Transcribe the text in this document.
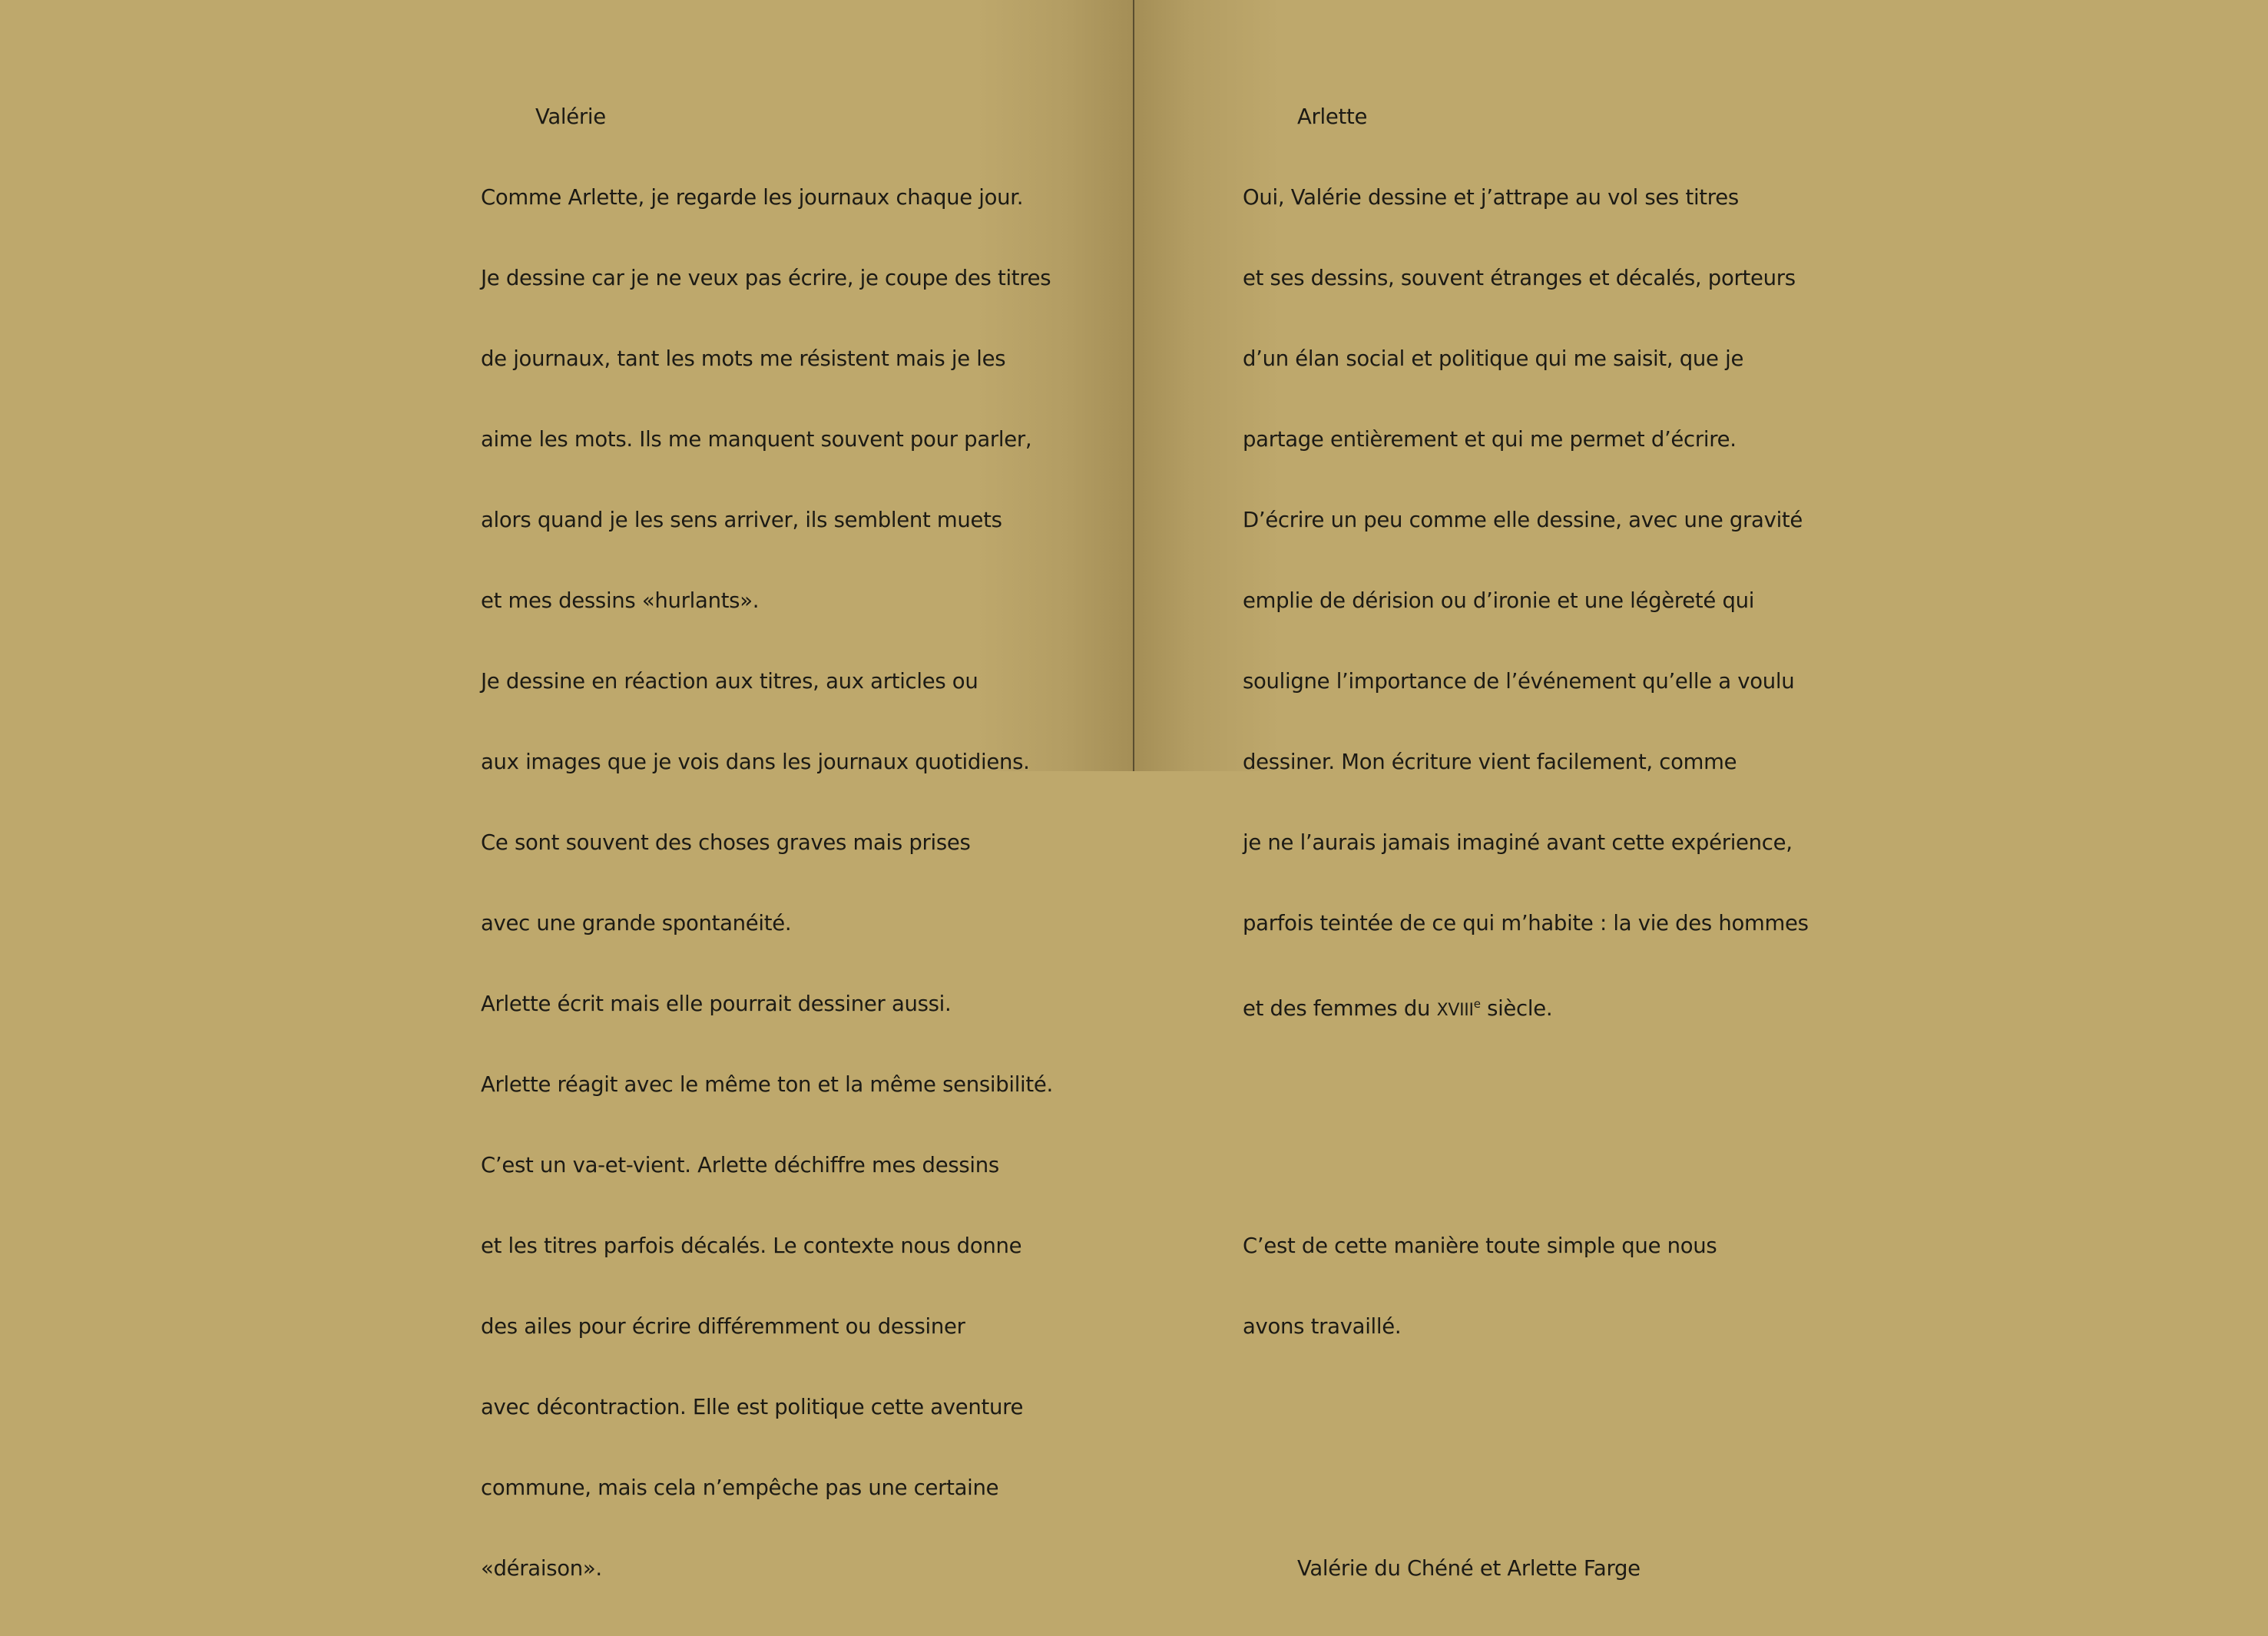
Valérie

Comme Arlette, je regarde les journaux chaque jour.

Je dessine car je ne veux pas écrire, je coupe des titres

de journaux, tant les mots me résistent mais je les

aime les mots. Ils me manquent souvent pour parler,

alors quand je les sens arriver, ils semblent muets

et mes dessins «hurlants».

Je dessine en réaction aux titres, aux articles ou

aux images que je vois dans les journaux quotidiens.

Ce sont souvent des choses graves mais prises

avec une grande spontanéité.

Arlette écrit mais elle pourrait dessiner aussi.

Arlette réagit avec le même ton et la même sensibilité.

C’est un va-et-vient. Arlette déchiffre mes dessins

et les titres parfois décalés. Le contexte nous donne

des ailes pour écrire différemment ou dessiner

avec décontraction. Elle est politique cette aventure

commune, mais cela n’empêche pas une certaine

«déraison».

Arlette

Oui, Valérie dessine et j’attrape au vol ses titres

et ses dessins, souvent étranges et décalés, porteurs

d’un élan social et politique qui me saisit, que je

partage entièrement et qui me permet d’écrire.

D’écrire un peu comme elle dessine, avec une gravité

emplie de dérision ou d’ironie et une légèreté qui

souligne l’importance de l’événement qu’elle a voulu

dessiner. Mon écriture vient facilement, comme

je ne l’aurais jamais imaginé avant cette expérience,

parfois teintée de ce qui m’habite : la vie des hommes

et des femmes du XVIIIe siècle.

C’est de cette manière toute simple que nous

avons travaillé.

Valérie du Chéné et Arlette Farge
